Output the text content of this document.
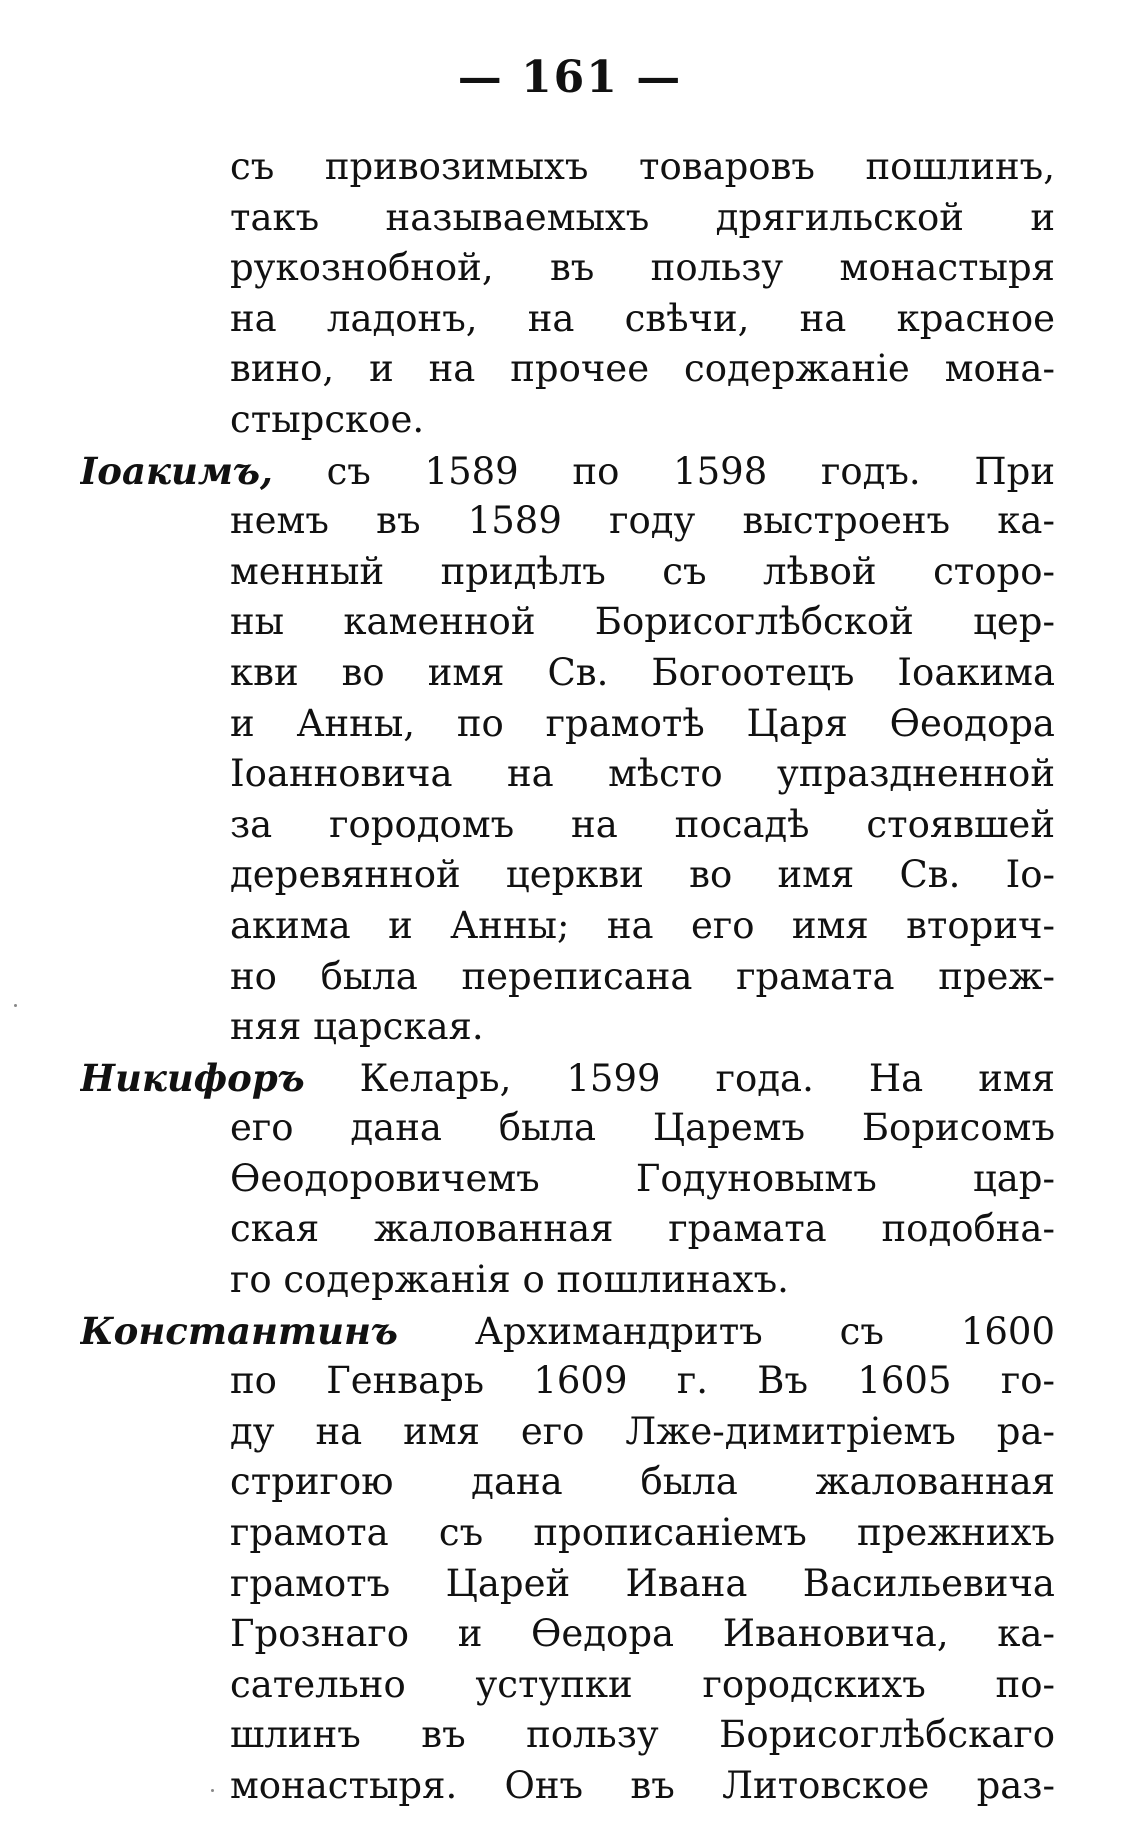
— 161 —
съ привозимыхъ товаровъ пошлинъ,
такъ называемыхъ дрягильской и
рукознобной, въ пользу монастыря
на ладонъ, на свѣчи, на красное
вино, и на прочее содержаніе мона-
стырское.
Іоакимъ, съ 1589 по 1598 годъ. При
немъ въ 1589 году выстроенъ ка-
менный придѣлъ съ лѣвой сторо-
ны каменной Борисоглѣбской цер-
кви во имя Св. Богоотецъ Іоакима
и Анны, по грамотѣ Царя Ѳеодора
Іоанновича на мѣсто упраздненной
за городомъ на посадѣ стоявшей
деревянной церкви во имя Св. Іо-
акима и Анны; на его имя вторич-
но была переписана грамата преж-
няя царская.
Никифоръ Келарь, 1599 года. На имя
его дана была Царемъ Борисомъ
Ѳеодоровичемъ Годуновымъ цар-
ская жалованная грамата подобна-
го содержанія о пошлинахъ.
Константинъ Архимандритъ съ 1600
по Генварь 1609 г. Въ 1605 го-
ду на имя его Лже-димитріемъ ра-
стригою дана была жалованная
грамота съ прописаніемъ прежнихъ
грамотъ Царей Ивана Васильевича
Грознаго и Ѳедора Ивановича, ка-
сательно уступки городскихъ по-
шлинъ въ пользу Борисоглѣбскаго
монастыря. Онъ въ Литовское раз-
